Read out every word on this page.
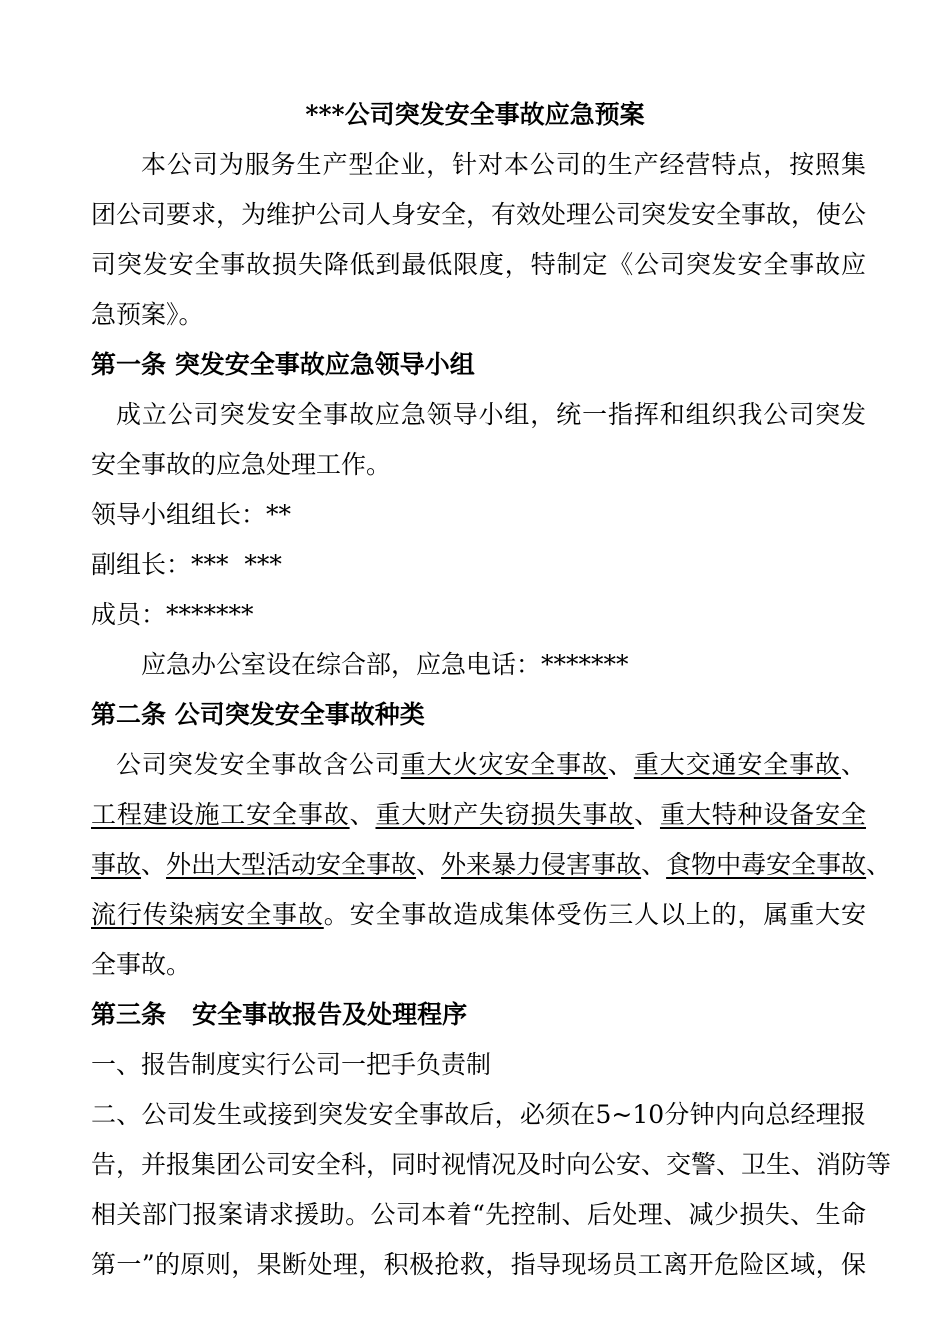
***公司突发安全事故应急预案
本公司为服务生产型企业，针对本公司的生产经营特点，按照集
团公司要求，为维护公司人身安全，有效处理公司突发安全事故，使公
司突发安全事故损失降低到最低限度，特制定《公司突发安全事故应
急预案》。
第一条 突发安全事故应急领导小组
成立公司突发安全事故应急领导小组，统一指挥和组织我公司突发
安全事故的应急处理工作。
领导小组组长：**
副组长：***  ***
成员：*******
应急办公室设在综合部，应急电话：*******
第二条 公司突发安全事故种类
公司突发安全事故含公司重大火灾安全事故、重大交通安全事故、
工程建设施工安全事故、重大财产失窃损失事故、重大特种设备安全
事故、外出大型活动安全事故、外来暴力侵害事故、食物中毒安全事故、
流行传染病安全事故。安全事故造成集体受伤三人以上的，属重大安
全事故。
第三条   安全事故报告及处理程序
一、报告制度实行公司一把手负责制
二、公司发生或接到突发安全事故后，必须在5~10分钟内向总经理报
告，并报集团公司安全科，同时视情况及时向公安、交警、卫生、消防等
相关部门报案请求援助。公司本着“先控制、后处理、减少损失、生命
第一”的原则，果断处理，积极抢救，指导现场员工离开危险区域，保
